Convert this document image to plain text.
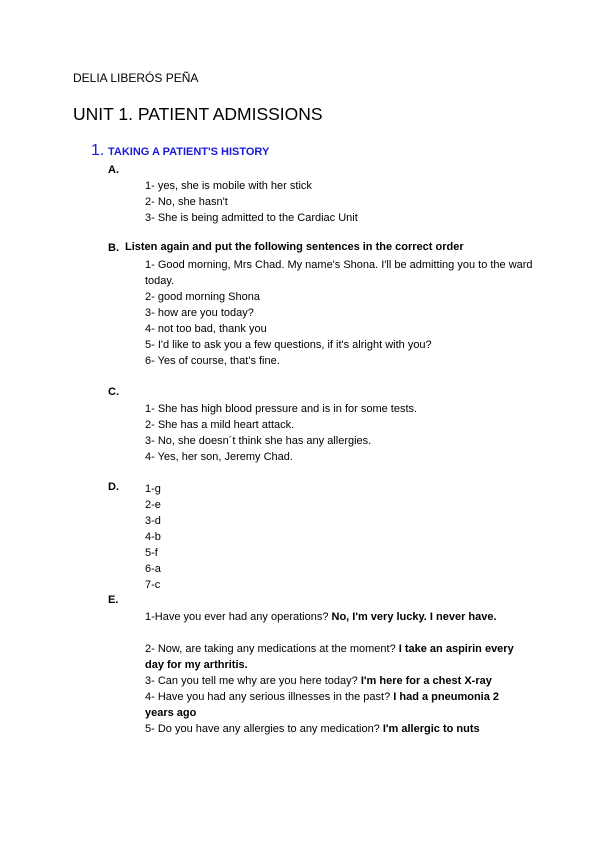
DELIA LIBERÓS PEÑA
UNIT 1. PATIENT ADMISSIONS
1. TAKING A PATIENT'S HISTORY
A.
1- yes, she is mobile with her stick
2- No, she hasn't
3- She is being admitted to the Cardiac Unit
B. Listen again and put the following sentences in the correct order
1- Good morning, Mrs Chad. My name's Shona. I'll be admitting you to the ward today.
2- good morning Shona
3- how are you today?
4- not too bad, thank you
5- I'd like to ask you a few questions, if it's alright with you?
6- Yes of course, that's fine.
C.
1- She has high blood pressure and is in for some tests.
2- She has a mild heart attack.
3- No, she doesn´t think she has any allergies.
4- Yes, her son, Jeremy Chad.
D. 1-g
2-e
3-d
4-b
5-f
6-a
7-c
E.
1-Have you ever had any operations? No, I'm very lucky. I never have.
2- Now, are taking any medications at the moment? I take an aspirin every day for my arthritis.
3- Can you tell me why are you here today? I'm here for a chest X-ray
4- Have you had any serious illnesses in the past? I had a pneumonia 2 years ago
5- Do you have any allergies to any medication? I'm allergic to nuts
